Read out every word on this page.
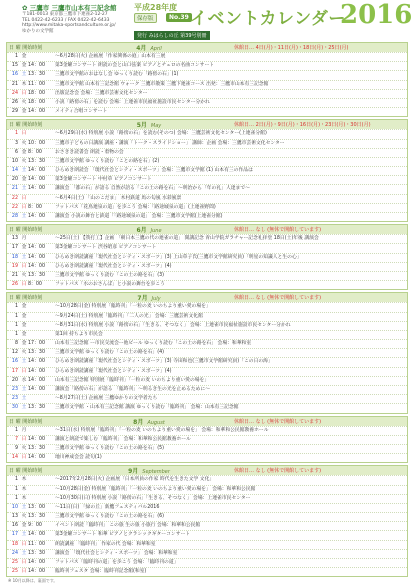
✿ 三鷹市 三鷹市山本有三記念館
〒181-0013 東京都三鷹市下連雀2-12-27
TEL 0422-42-6233 / FAX 0422-42-6433
http://www.mitaka-sportsandculture.or.jp/
ゆかりの文学館
平成28年度
保存版	No.39 イベントカレンダー
2016
発行 みはらしの丘 第39号別冊
日 曜 開始時刻	4月 April	休館日… 4日(月)・11日(月)・18日(月)・25日(月)
1 金	〜6月28日(火) 企画展「作家関係の庭」山本有三展
15 金 14：00	第3金曜コンサート 朗読の会と山口弦楽 ピアノとチェロの名曲コンサート
16 土 13：30	三鷹市文学館のおはなし会 ゆっくり読む「路傍の石」(1)
21 木 11：00	三鷹市文学館 山本有三記念館 ウォーク 三鷹市散策 三鷹下連雀コース 出発：三鷹市山本有三記念館
24 日 18：00	出版記念会 会場：三鷹市芸術文化センター
26 火 18：00	小説「路傍の石」を読む 会場：上連雀市民福祉施設市民センター分かれ
29 金 14：00	メイティ合唱コンサート
日 曜 開始時刻	5月 May	休館日… 2日(月)・9日(月)・16日(月)・23日(月)・30日(月)
1 日	〜6月29日(水) 特別展 小説「路傍の石」を読む(そのつ) 会場：三鷹芸術文化センター(上連雀分館)
3 火 10：00	三鷹市子どもの日講演 講座・講演「トーク・スライドショー」 講師：企画 会場：三鷹市芸術文化センター
6 金 8：00	おさきき読書会 朗読・着物の会
10 火 13：30	三鷹市文学館 ゆっくり読む「ことの路を石」(2)
14 土 14：00	ひらめき朗読会 「現代社会とシティ・スポーツ」会場：三鷹市文学館 (1) 山本有三の作品は
20 金 14：00	第3金曜コンサート 中村草 ピアノコンサート
21 土 14：00	講演会 「都の石」が語る 自然が語る「この土の路を石」〜明治から「年の礼」人達まで〜
22 日	〜6月4日(土) 「山のこだま」 木村鉄道 馬の匂風 水彩風景
22 日 8：00	フットパス「花鳥連泉の道」を歩こう 会場：「路途城泉の道」(上連雀野間)
28 土 14：00	講演会 小説の舞台と鉄道「「路途城泉の道」 会場：三鷹市文学館(上連雀分館)
日 曜 開始時刻	6月 June	休館日… なし (無休で開館しています)
13 月	〜25日(土) 【我打工】企画 「朝日本三鷹の代の連雀の道」 開講記念 青山学院ガラチャー記念礼拝堂 18日(土)年後 講演会
17 金 14：00	第3金曜コンサート 渋谷昭彦 ピアノコンサート
18 土 14：00	ひらめき朗読講座「現代社会とシティ・スポーツ」(3) 上山草子氏(三鷹市文学館研究員)「明星の知識人と生の心」
19 日 14：00	ひらめき朗読講座「現代社会とシティ・スポーツ」(4)
21 火 13：30	三鷹市文学館 ゆっくり読む「この土の路を石」(3)
26 日 8：00	フットパス「水のおさんぽ」と小説の舞台を歩こう
日 曜 開始時刻	7月 July	休館日… なし (無休で開館しています)
1 金	〜10月28日(金) 特別展「臨時刊」「一粒の麦 いのちより重い愛の場を」
1 金	〜9月24日(土) 特別展「臨時刊」「二人の光」 会場：三鷹芸術文化館
1 金	〜8月31日(水) 特別展 小説「路傍の石」「生きる、そつなく」 会場：上連雀市民福祉施設市民センター分かれ
1 金	第1回 持ちより市民会
8 金 17：00	山本有三記念館 ー市民交流会ー他ビール ゆっくり読む「この土の路を石」 会場：和華和室
12 火 13：30	三鷹市文学館 ゆっくり読む「この土の路を石」(4)
16 土 14：00	ひらめき朗読講座「現代社会とシティ・スポーツ」(3) 寺田和也(三鷹市文学館研究員)「この日の海」
17 日 14：00	ひらめき朗読講座「現代社会とシティ・スポーツ」(4)
20 水 14：00	山本有三記念館 特別展「臨時刊」「一粒の麦 いのちより重い愛の場を」
23 土 14：00	講演会「路傍の石」が語る 「臨時刊」〜明るき生の光を止めるために〜
23 土	〜8月27日(土) 企画展 三鷹ゆかりの文学者たち
30 土 13：30	三鷹市文学館 ・山本有三記念館 講演 ゆっくり読む「臨時刊」 会場：山本有三記念館
日 曜 開始時刻	8月 August	休館日… なし (無休で開館しています)
1 月	〜31日(水) 特別展「臨時刊」「一粒の麦 いのちより重い愛の場を」 会場：和華和公民館教養ホール
7 日 14：00	講演と朗読で楽しむ「臨時刊」 会場：和華和公民館教養ホール
9 火 13：30	三鷹市文学館 ゆっくり読む「この土の路を石」(5)
14 日 14：00	地川神成会会 読句(1)
日 曜 開始時刻	9月 September	休館日… なし (無休で開館しています)
1 木	〜2017年2月28日(火) 企画展「日本所員の作家 時代を生きた文学 文化」
1 木	〜10月28日(金) 特別展「臨時刊」「一粒の麦 いのちより重い愛の場を」 会場：和華和公民館
1 木	〜10月30日(日) 特別展 小説「路傍の石」「生きる、そつなく」 会場：上連雀市民センター
10 土 13：00	〜11日(日) 「緑の丘」新鷹フェスティバル2016
13 火 13：30	三鷹市文学館 ゆっくり読む「この土の路を石」(6)
16 金 9：00	イベント朗読「臨時刊」 この旅 生の旅 小旅行 会場：和華和公民館
17 土 14：00	第3金曜コンサート 和華 ピアノとクラシックギターコンサート
18 日 11：00	朗読講座 「臨時刊」 作家の代 会場：和華和室
24 土 13：30	講演会 「現代社会とシティ・スポーツ」 会場：和華和室
25 日 14：00	フットパス「臨時刊の道」を歩こう 会場：「臨時刊の道」
25 日 14：00	臨時刊フェスタ 会場：臨時刊記念館(和室)
※ 10月以降は、裏面です。
